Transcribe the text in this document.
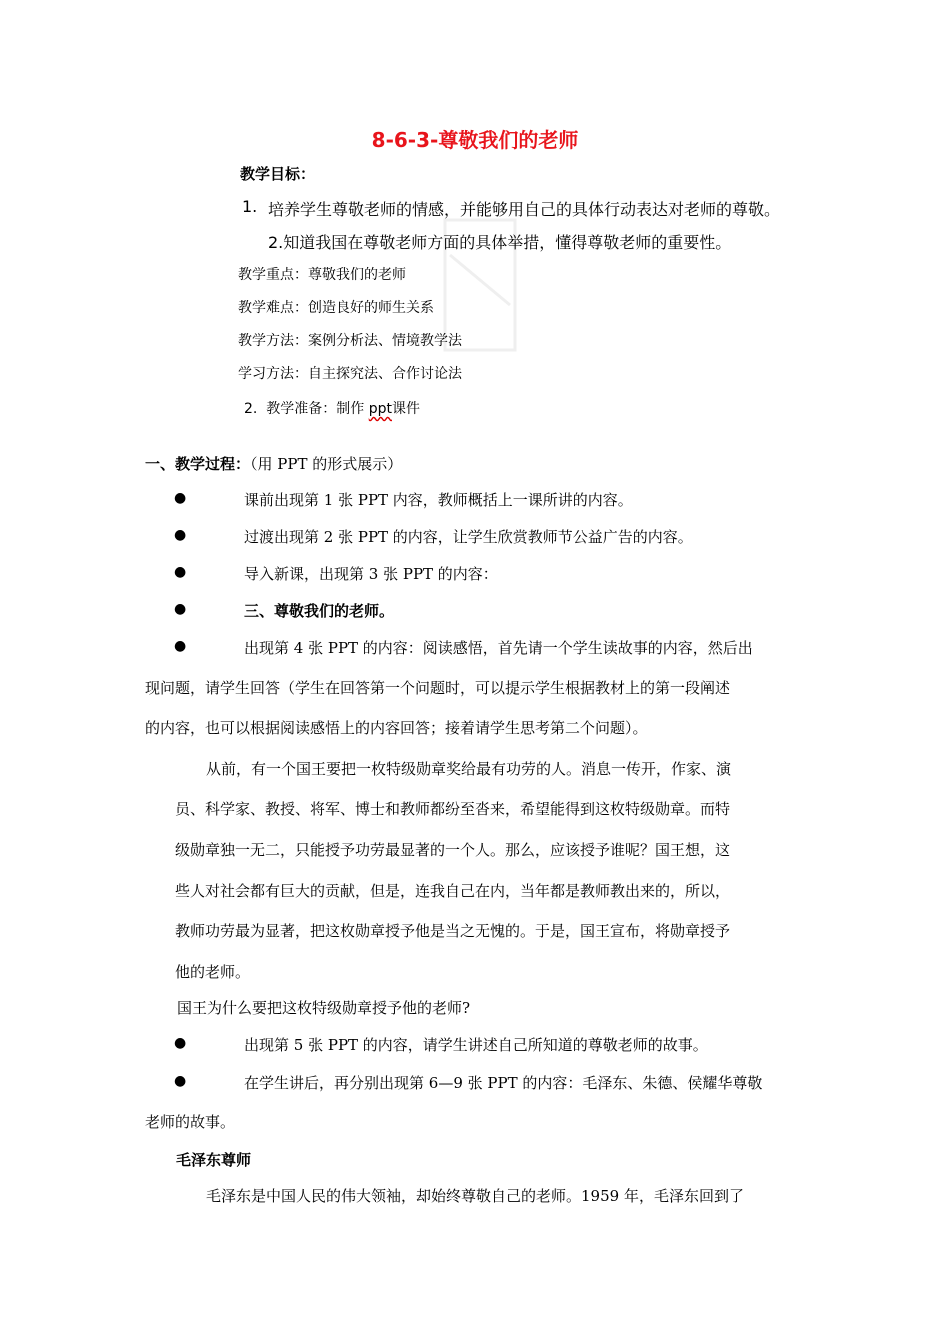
8-6-3-尊敬我们的老师
教学目标：
1. 培养学生尊敬老师的情感，并能够用自己的具体行动表达对老师的尊敬。
2.知道我国在尊敬老师方面的具体举措，懂得尊敬老师的重要性。
教学重点：尊敬我们的老师
教学难点：创造良好的师生关系
教学方法：案例分析法、情境教学法
学习方法：自主探究法、合作讨论法
2. 教学准备：制作 ppt课件
一、教学过程：（用 PPT 的形式展示）
●	课前出现第 1 张 PPT 内容，教师概括上一课所讲的内容。
●	过渡出现第 2 张 PPT 的内容，让学生欣赏教师节公益广告的内容。
●	导入新课，出现第 3 张 PPT 的内容：
●	三、尊敬我们的老师。
●	出现第 4 张 PPT 的内容：阅读感悟，首先请一个学生读故事的内容，然后出
现问题，请学生回答（学生在回答第一个问题时，可以提示学生根据教材上的第一段阐述
的内容，也可以根据阅读感悟上的内容回答；接着请学生思考第二个问题）。
从前，有一个国王要把一枚特级勋章奖给最有功劳的人。消息一传开，作家、演
员、科学家、教授、将军、博士和教师都纷至沓来，希望能得到这枚特级勋章。而特
级勋章独一无二，只能授予功劳最显著的一个人。那么，应该授予谁呢？国王想，这
些人对社会都有巨大的贡献，但是，连我自己在内，当年都是教师教出来的，所以，
教师功劳最为显著，把这枚勋章授予他是当之无愧的。于是，国王宣布，将勋章授予
他的老师。
国王为什么要把这枚特级勋章授予他的老师?
●	出现第 5 张 PPT 的内容，请学生讲述自己所知道的尊敬老师的故事。
●	在学生讲后，再分别出现第 6—9 张 PPT 的内容：毛泽东、朱德、侯耀华尊敬
老师的故事。
毛泽东尊师
毛泽东是中国人民的伟大领袖，却始终尊敬自己的老师。1959 年，毛泽东回到了
